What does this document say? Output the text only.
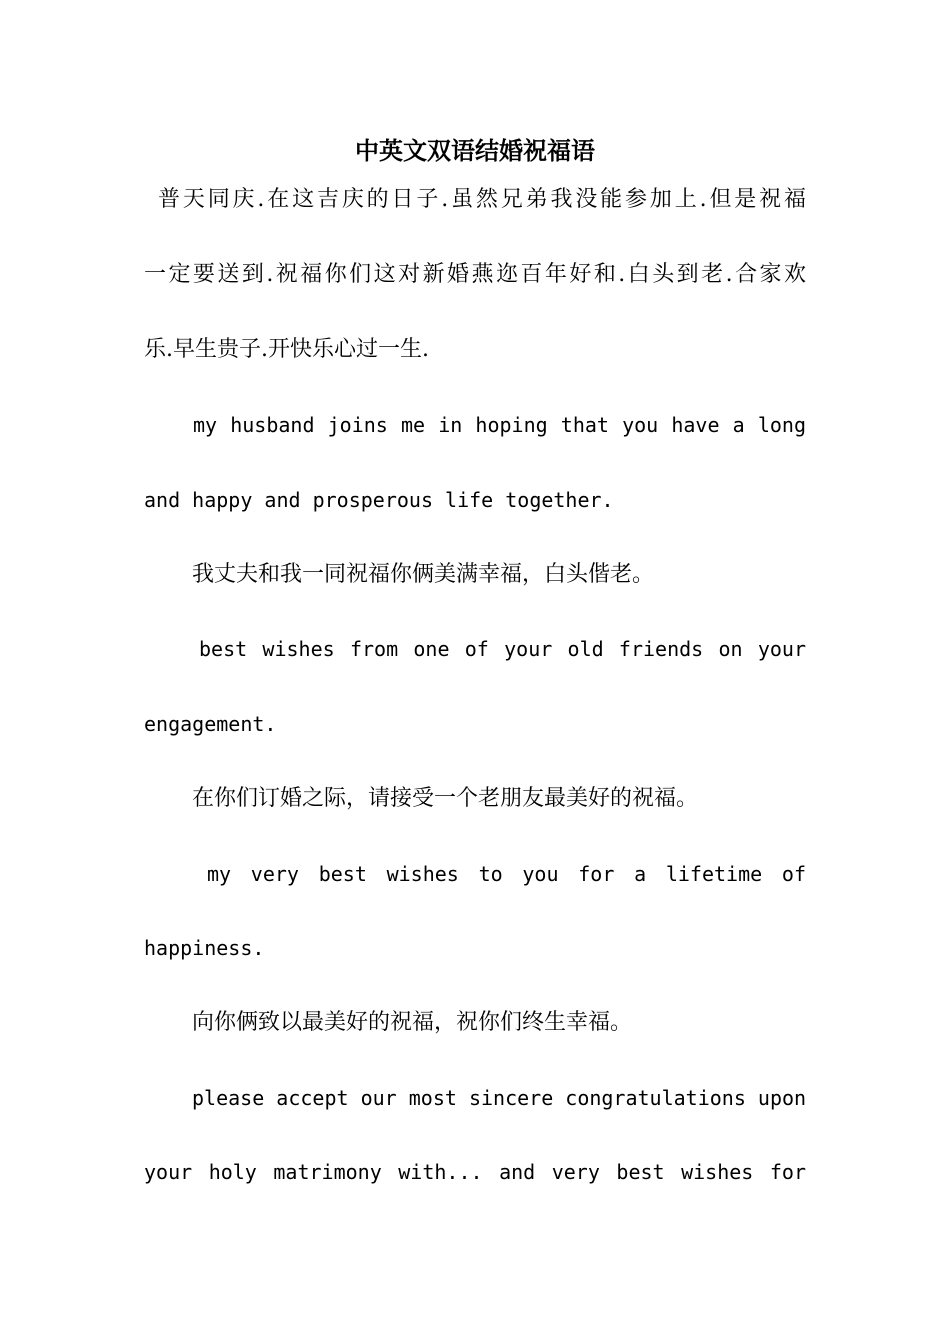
中英文双语结婚祝福语

普天同庆.在这吉庆的日子.虽然兄弟我没能参加上.但是祝福

一定要送到.祝福你们这对新婚燕迩百年好和.白头到老.合家欢

乐.早生贵子.开快乐心过一生.

my husband joins me in hoping that you have a long

and happy and prosperous life together.

我丈夫和我一同祝福你俩美满幸福，白头偕老。

best wishes from one of your old friends on your

engagement.

在你们订婚之际，请接受一个老朋友最美好的祝福。

my very best wishes to you for a lifetime of

happiness.

向你俩致以最美好的祝福，祝你们终生幸福。

please accept our most sincere congratulations upon

your holy matrimony with... and very best wishes for
